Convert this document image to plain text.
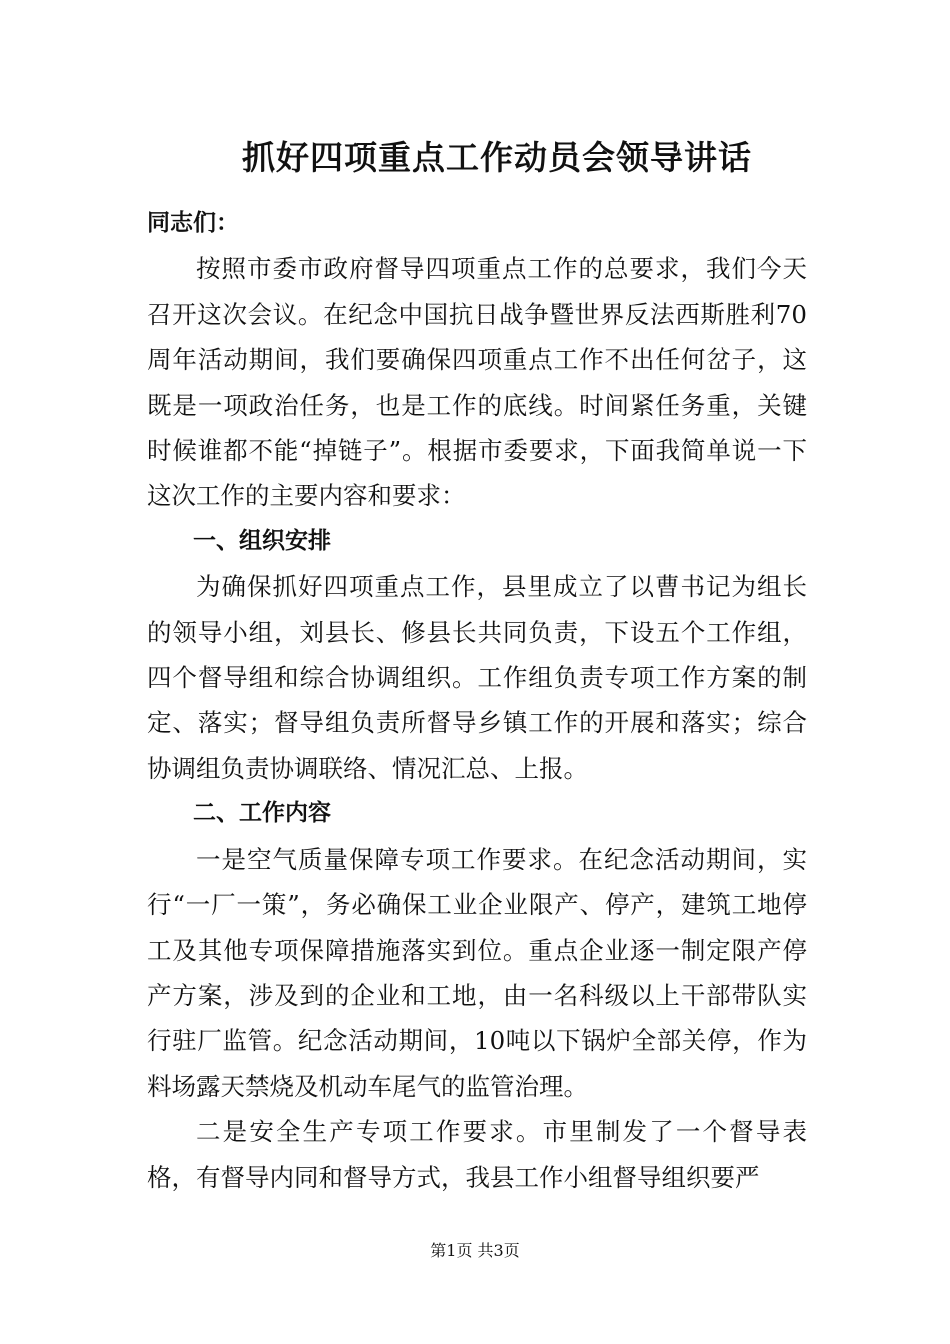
抓好四项重点工作动员会领导讲话

同志们：

按照市委市政府督导四项重点工作的总要求，我们今天召开这次会议。在纪念中国抗日战争暨世界反法西斯胜利70周年活动期间，我们要确保四项重点工作不出任何岔子，这既是一项政治任务，也是工作的底线。时间紧任务重，关键时候谁都不能“掉链子”。根据市委要求，下面我简单说一下这次工作的主要内容和要求：

一、组织安排

为确保抓好四项重点工作，县里成立了以曹书记为组长的领导小组，刘县长、修县长共同负责，下设五个工作组，四个督导组和综合协调组织。工作组负责专项工作方案的制定、落实；督导组负责所督导乡镇工作的开展和落实；综合协调组负责协调联络、情况汇总、上报。

二、工作内容

一是空气质量保障专项工作要求。在纪念活动期间，实行“一厂一策”，务必确保工业企业限产、停产，建筑工地停工及其他专项保障措施落实到位。重点企业逐一制定限产停产方案，涉及到的企业和工地，由一名科级以上干部带队实行驻厂监管。纪念活动期间，10吨以下锅炉全部关停，作为料场露天禁烧及机动车尾气的监管治理。

二是安全生产专项工作要求。市里制发了一个督导表格，有督导内同和督导方式，我县工作小组督导组织要严

第1页 共3页
